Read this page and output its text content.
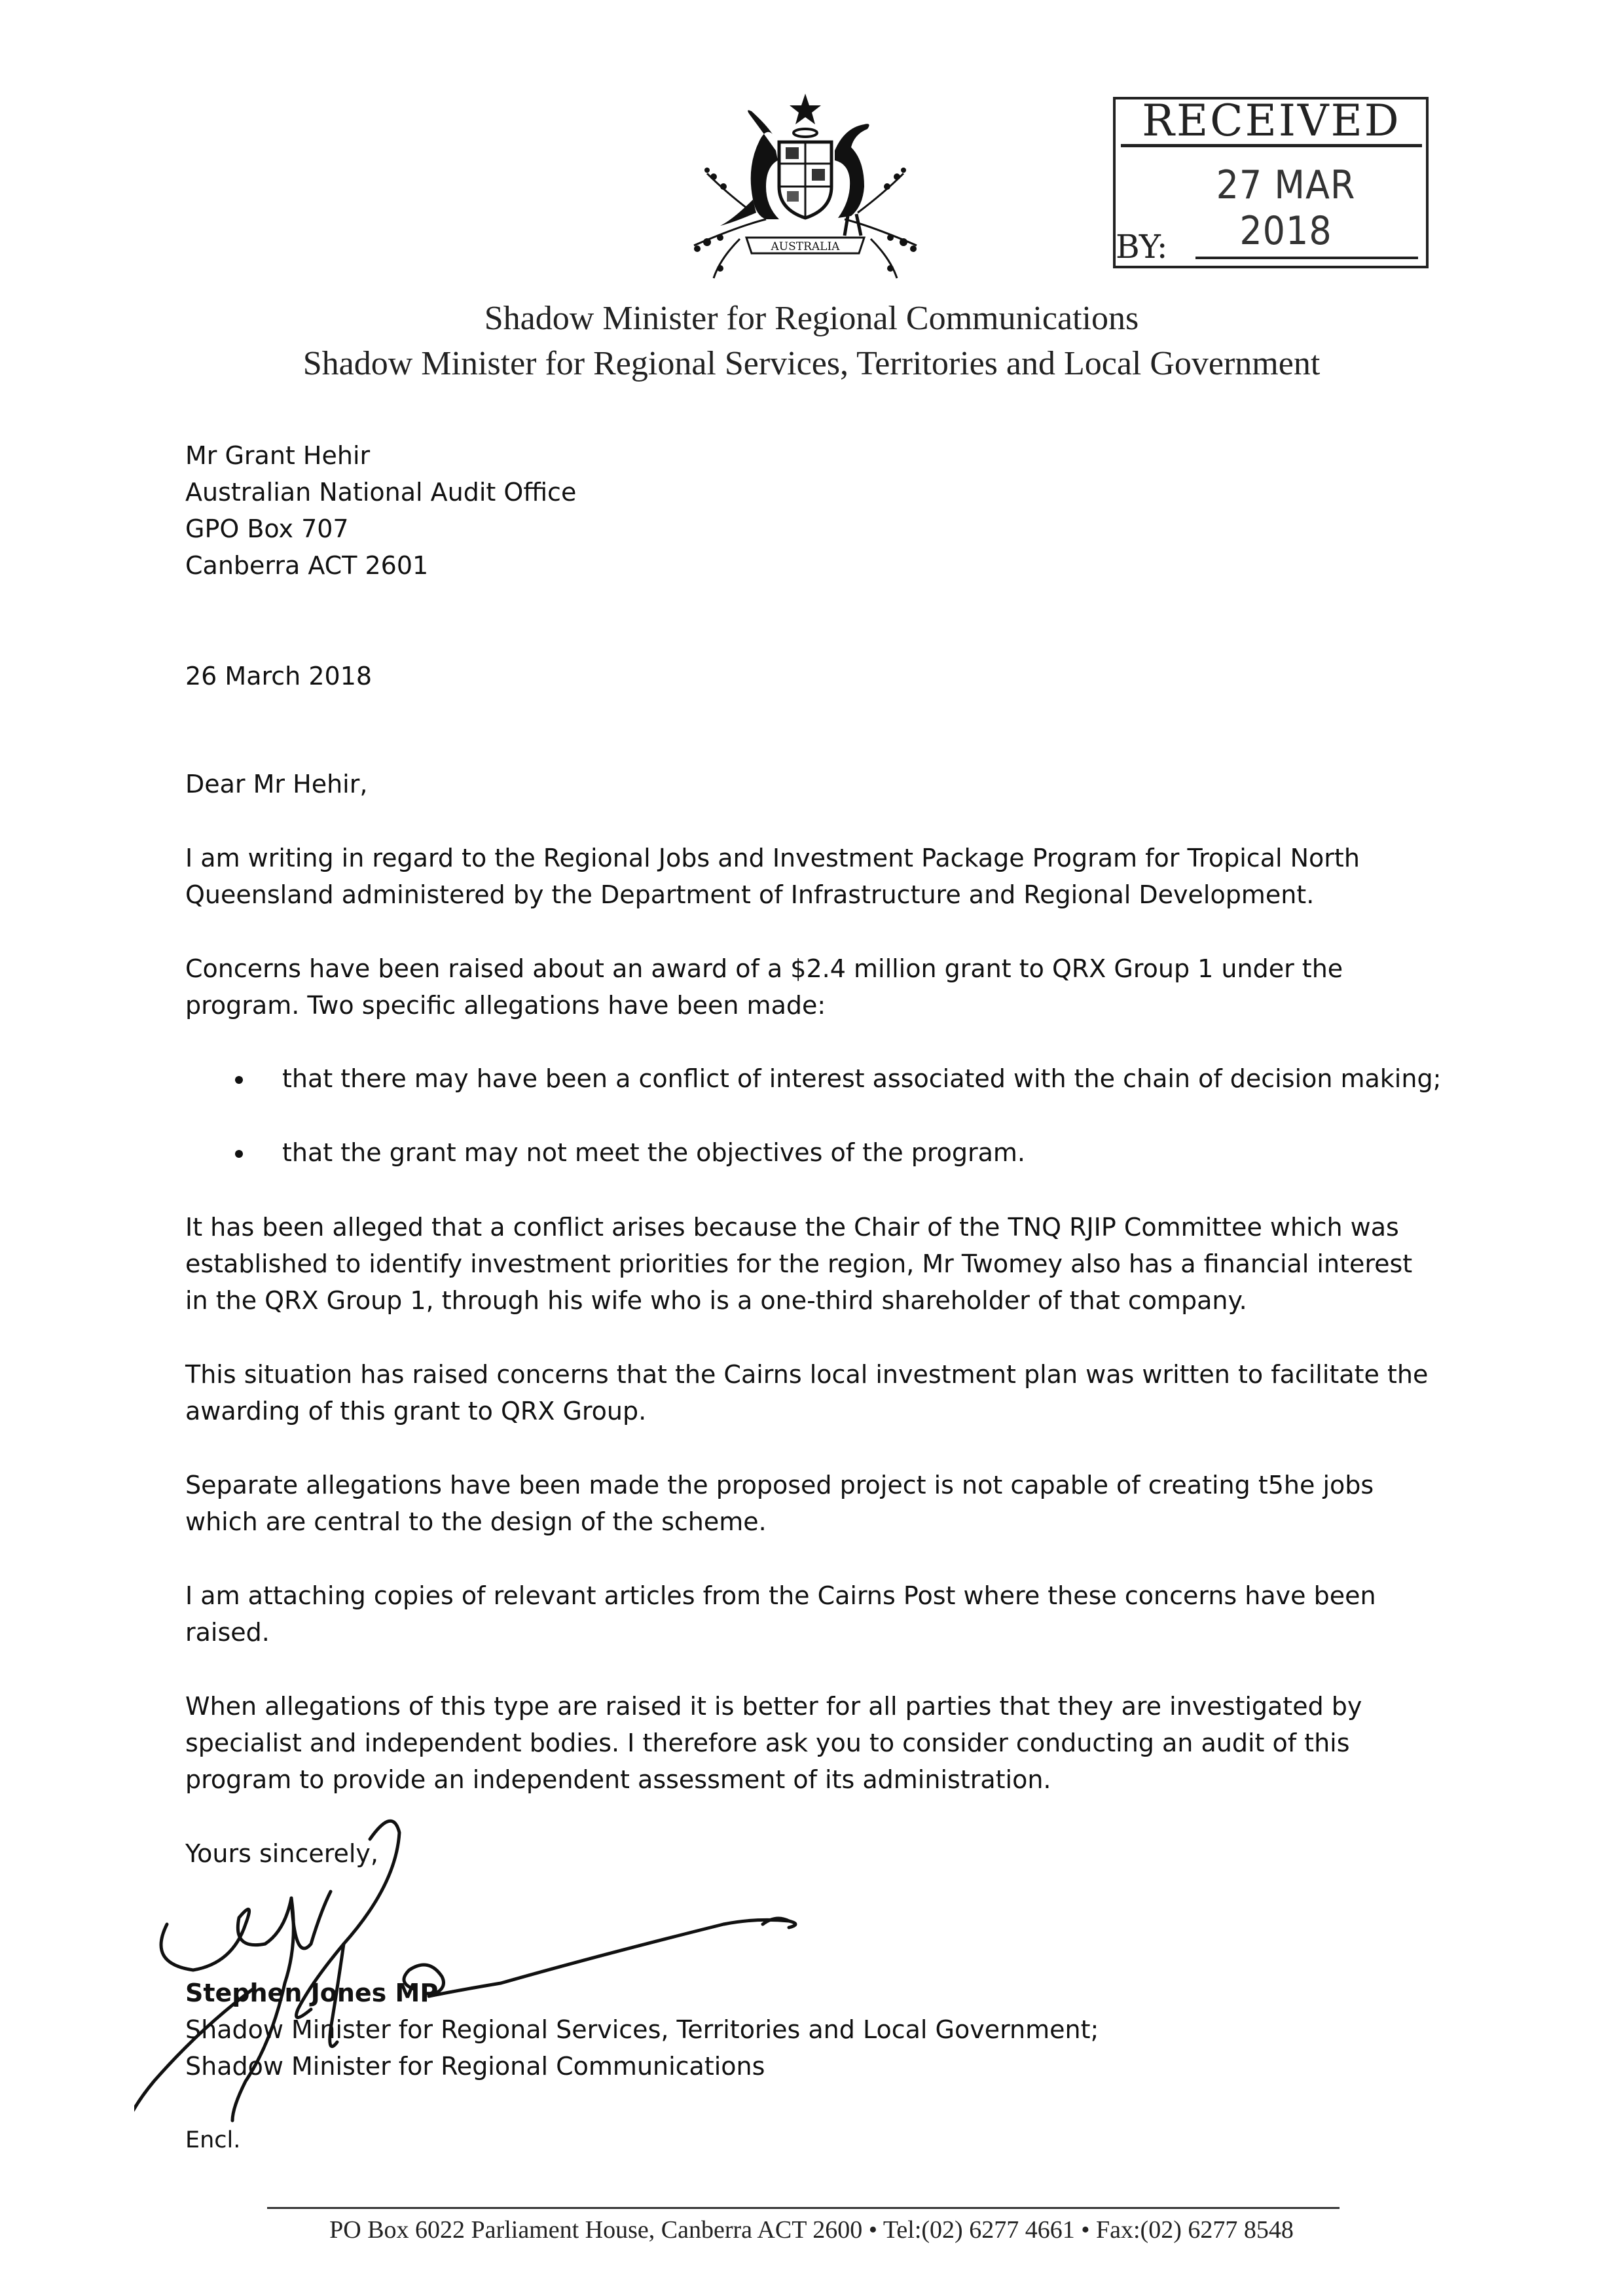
AUSTRALIA
RECEIVED
27 MAR 2018
BY:
Shadow Minister for Regional Communications
Shadow Minister for Regional Services, Territories and Local Government
Mr Grant Hehir
Australian National Audit Office
GPO Box 707
Canberra ACT 2601
26 March 2018
Dear Mr Hehir,
I am writing in regard to the Regional Jobs and Investment Package Program for Tropical North
Queensland administered by the Department of Infrastructure and Regional Development.
Concerns have been raised about an award of a $2.4 million grant to QRX Group 1 under the
program. Two specific allegations have been made:
that there may have been a conflict of interest associated with the chain of decision making;
that the grant may not meet the objectives of the program.
It has been alleged that a conflict arises because the Chair of the TNQ RJIP Committee which was
established to identify investment priorities for the region, Mr Twomey also has a financial interest
in the QRX Group 1, through his wife who is a one-third shareholder of that company.
This situation has raised concerns that the Cairns local investment plan was written to facilitate the
awarding of this grant to QRX Group.
Separate allegations have been made the proposed project is not capable of creating t5he jobs
which are central to the design of the scheme.
I am attaching copies of relevant articles from the Cairns Post where these concerns have been
raised.
When allegations of this type are raised it is better for all parties that they are investigated by
specialist and independent bodies. I therefore ask you to consider conducting an audit of this
program to provide an independent assessment of its administration.
Yours sincerely,
Stephen Jones MP
Shadow Minister for Regional Services, Territories and Local Government;
Shadow Minister for Regional Communications
Encl.
PO Box 6022 Parliament House, Canberra ACT 2600 • Tel:(02) 6277 4661 • Fax:(02) 6277 8548
